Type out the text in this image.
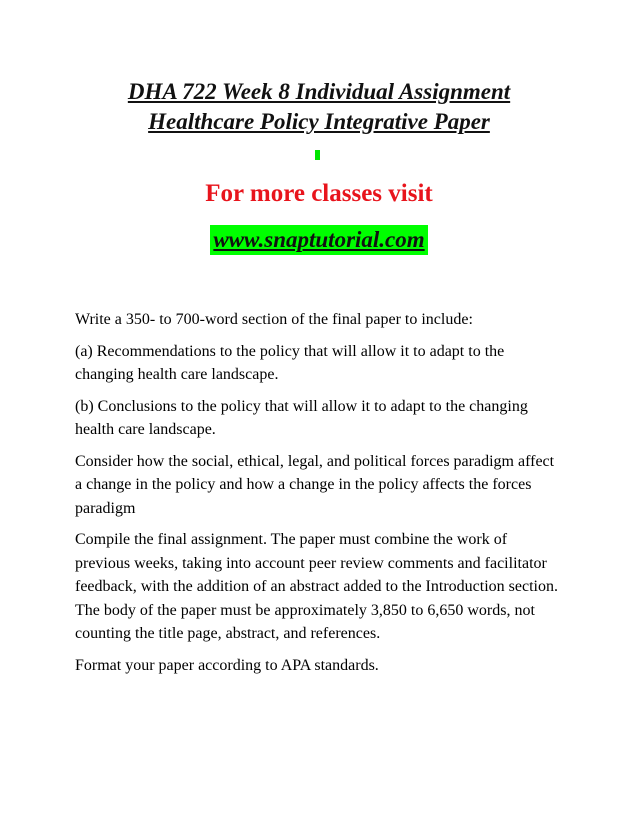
DHA 722 Week 8 Individual Assignment
Healthcare Policy Integrative Paper
For more classes visit
www.snaptutorial.com

Write a 350- to 700-word section of the final paper to include:

(a) Recommendations to the policy that will allow it to adapt to the changing health care landscape.

(b) Conclusions to the policy that will allow it to adapt to the changing health care landscape.

Consider how the social, ethical, legal, and political forces paradigm affect a change in the policy and how a change in the policy affects the forces paradigm

Compile the final assignment. The paper must combine the work of previous weeks, taking into account peer review comments and facilitator feedback, with the addition of an abstract added to the Introduction section. The body of the paper must be approximately 3,850 to 6,650 words, not counting the title page, abstract, and references.

Format your paper according to APA standards.
